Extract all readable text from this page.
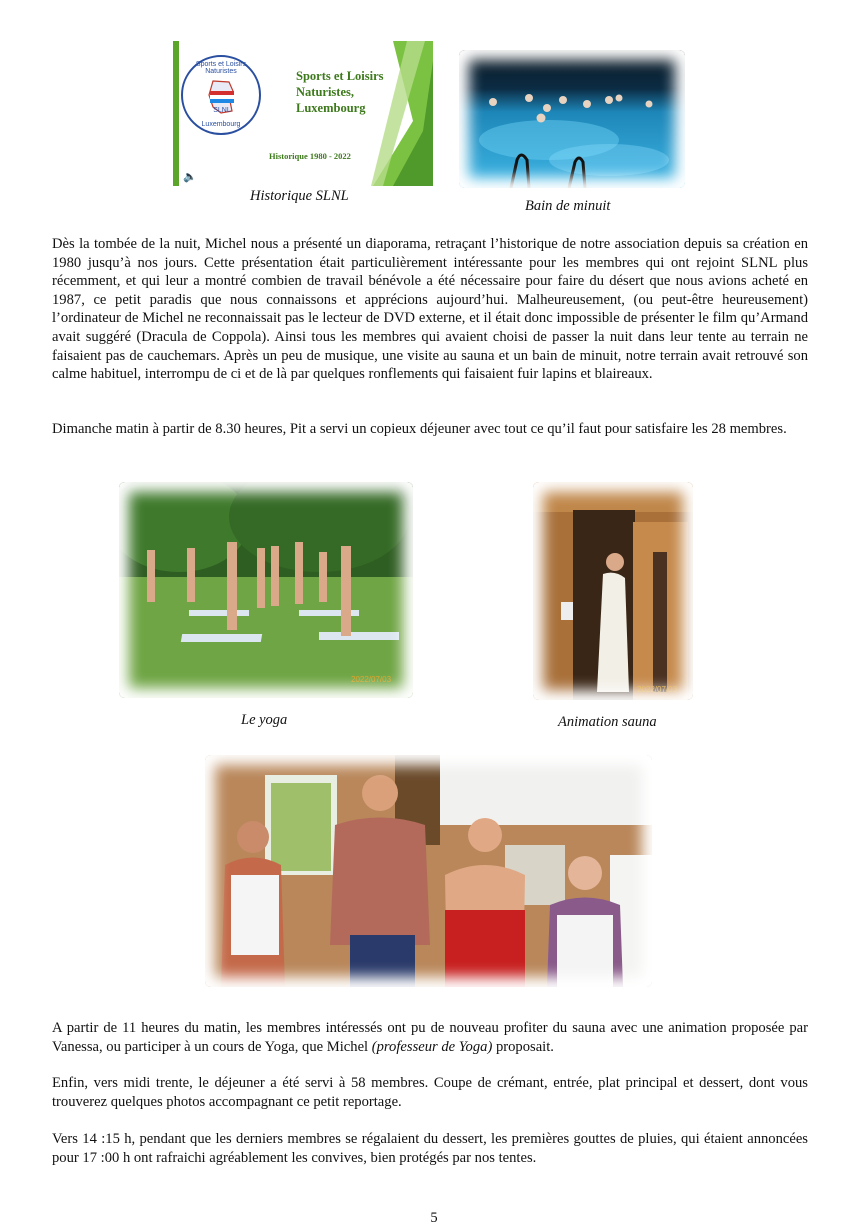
Sports et Loisirs Naturistes
SLNL
Luxembourg
Sports et Loisirs
Naturistes,
Luxembourg
Historique 1980 - 2022
🔈
Historique SLNL
Bain de minuit
Dès la tombée de la nuit, Michel nous a présenté un diaporama, retraçant l’historique de notre association depuis sa création en 1980 jusqu’à nos jours. Cette présentation était particulièrement intéressante pour les membres qui ont rejoint SLNL plus récemment, et qui leur a montré combien de travail bénévole a été nécessaire pour faire du désert que nous avions acheté en 1987, ce petit paradis que nous connaissons et apprécions aujourd’hui. Malheureusement, (ou peut-être heureusement) l’ordinateur de Michel ne reconnaissait pas le lecteur de DVD externe, et il était donc impossible de présenter le film qu’Armand avait suggéré (Dracula de Coppola). Ainsi tous les membres qui avaient choisi de passer la nuit dans leur tente au terrain ne faisaient pas de cauchemars. Après un peu de musique, une visite au sauna et un bain de minuit, notre terrain avait retrouvé son calme habituel, interrompu de ci et de là par quelques ronflements qui faisaient fuir lapins et blaireaux.
Dimanche matin à partir de 8.30 heures, Pit a servi un copieux déjeuner avec tout ce qu’il faut pour satisfaire les 28 membres.
2022/07/03
Le yoga
2022/07/03
Animation sauna
A partir de 11 heures du matin, les membres intéressés ont pu de nouveau profiter du sauna avec une animation proposée par Vanessa, ou participer à un cours de Yoga, que Michel (professeur de Yoga) proposait.
Enfin, vers midi trente, le déjeuner a été servi à 58 membres. Coupe de crémant, entrée, plat principal et dessert, dont vous trouverez quelques photos accompagnant ce petit reportage.
Vers 14 :15 h, pendant que les derniers membres se régalaient du dessert, les premières gouttes de pluies, qui étaient annoncées pour 17 :00 h ont rafraichi agréablement les convives, bien protégés par nos tentes.
5
